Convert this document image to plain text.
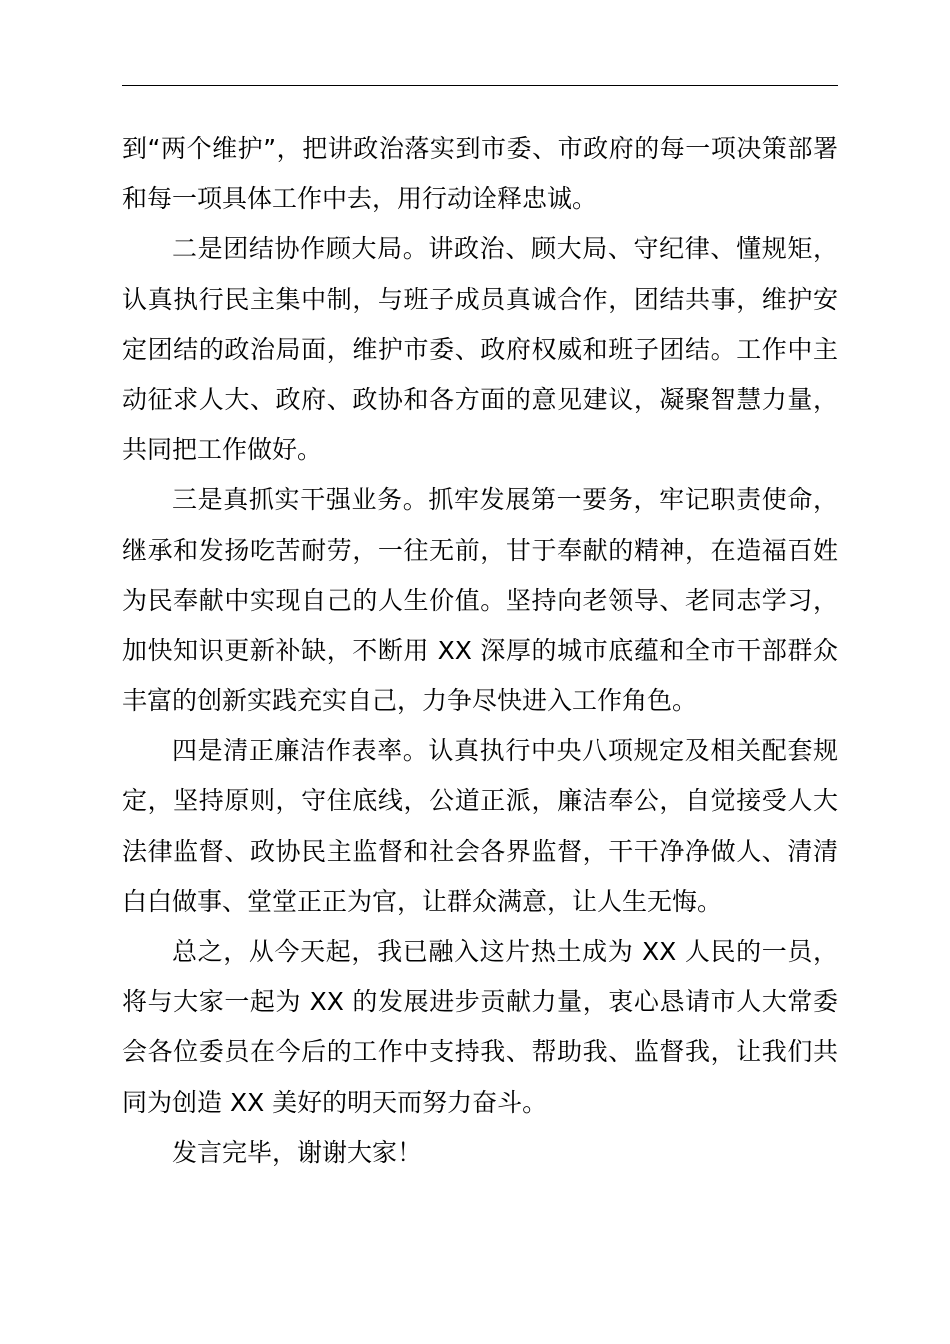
到“两个维护”，把讲政治落实到市委、市政府的每一项决策部署
和每一项具体工作中去，用行动诠释忠诚。
二是团结协作顾大局。讲政治、顾大局、守纪律、懂规矩，
认真执行民主集中制，与班子成员真诚合作，团结共事，维护安
定团结的政治局面，维护市委、政府权威和班子团结。工作中主
动征求人大、政府、政协和各方面的意见建议，凝聚智慧力量，
共同把工作做好。
三是真抓实干强业务。抓牢发展第一要务，牢记职责使命，
继承和发扬吃苦耐劳，一往无前，甘于奉献的精神，在造福百姓
为民奉献中实现自己的人生价值。坚持向老领导、老同志学习，
加快知识更新补缺，不断用 XX 深厚的城市底蕴和全市干部群众
丰富的创新实践充实自己，力争尽快进入工作角色。
四是清正廉洁作表率。认真执行中央八项规定及相关配套规
定，坚持原则，守住底线，公道正派，廉洁奉公，自觉接受人大
法律监督、政协民主监督和社会各界监督，干干净净做人、清清
白白做事、堂堂正正为官，让群众满意，让人生无悔。
总之，从今天起，我已融入这片热土成为 XX 人民的一员，
将与大家一起为 XX 的发展进步贡献力量，衷心恳请市人大常委
会各位委员在今后的工作中支持我、帮助我、监督我，让我们共
同为创造 XX 美好的明天而努力奋斗。
发言完毕，谢谢大家！
